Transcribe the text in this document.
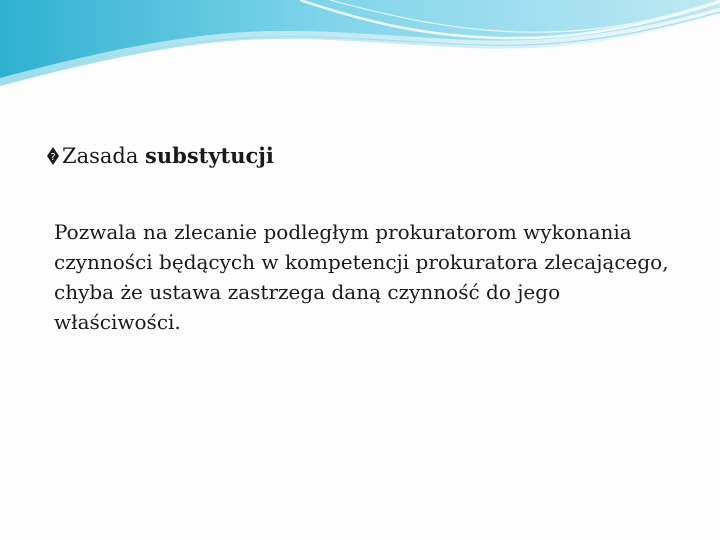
? Zasada substytucji

Pozwala na zlecanie podległym prokuratorom wykonania czynności będących w kompetencji prokuratora zlecającego, chyba że ustawa zastrzega daną czynność do jego właściwości.
